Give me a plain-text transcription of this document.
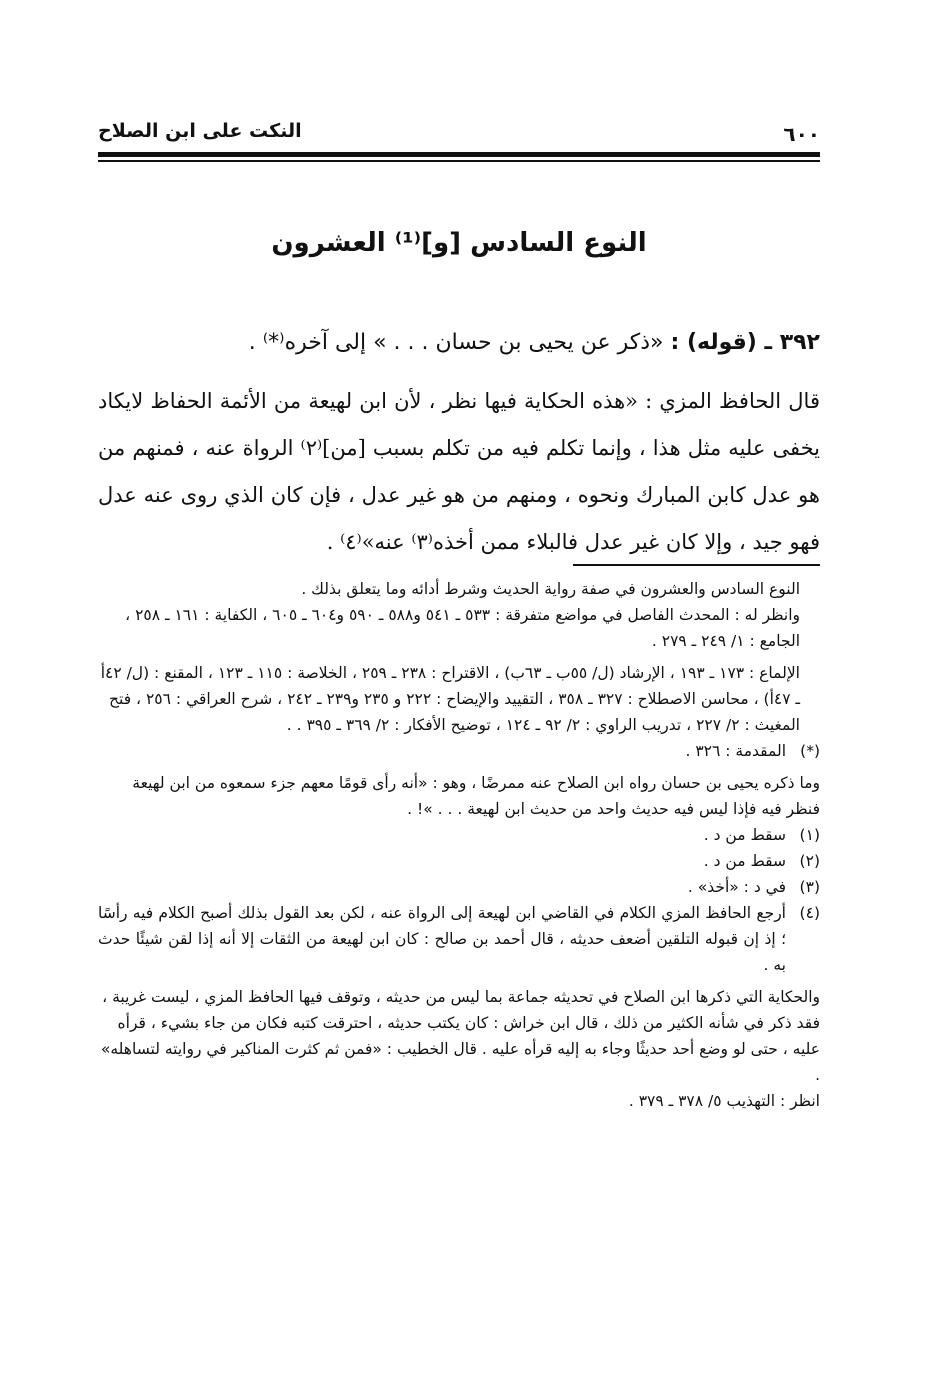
٦٠٠
النكت على ابن الصلاح
النوع السادس [و]⁽¹⁾ العشرون
٣٩٢ ـ (قوله) : «ذكر عن يحيى بن حسان . . . » إلى آخره⁽*⁾ .
قال الحافظ المزي : «هذه الحكاية فيها نظر ، لأن ابن لهيعة من الأئمة الحفاظ لايكاد يخفى عليه مثل هذا ، وإنما تكلم فيه من تكلم بسبب [من]⁽٢⁾ الرواة عنه ، فمنهم من هو عدل كابن المبارك ونحوه ، ومنهم من هو غير عدل ، فإن كان الذي روى عنه عدل فهو جيد ، وإلا كان غير عدل فالبلاء ممن أخذه⁽٣⁾ عنه»⁽٤⁾ .

النوع السادس والعشرون في صفة رواية الحديث وشرط أدائه وما يتعلق بذلك .

وانظر له : المحدث الفاصل في مواضع متفرقة : ٥٣٣ ـ ٥٤١ و٥٨٨ ـ ٥٩٠ و٦٠٤ ـ ٦٠٥ ، الكفاية : ١٦١ ـ ٢٥٨ ، الجامع : ١/ ٢٤٩ ـ ٢٧٩ .

الإلماع : ١٧٣ ـ ١٩٣ ، الإرشاد (ل/ ٥٥ب ـ ٦٣ب) ، الاقتراح : ٢٣٨ ـ ٢٥٩ ، الخلاصة : ١١٥ ـ ١٢٣ ، المقنع : (ل/ ٤٢أ ـ ٤٧أ) ، محاسن الاصطلاح : ٣٢٧ ـ ٣٥٨ ، التقييد والإيضاح : ٢٢٢ و ٢٣٥ و٢٣٩ ـ ٢٤٢ ، شرح العراقي : ٢٥٦ ، فتح المغيث : ٢/ ٢٢٧ ، تدريب الراوي : ٢/ ٩٢ ـ ١٢٤ ، توضيح الأفكار : ٢/ ٣٦٩ ـ ٣٩٥ . .

(*)
المقدمة : ٣٢٦ .

وما ذكره يحيى بن حسان رواه ابن الصلاح عنه ممرضًا ، وهو : «أنه رأى قومًا معهم جزء سمعوه من ابن لهيعة فنظر فيه فإذا ليس فيه حديث واحد من حديث ابن لهيعة . . . »! .

(١)
سقط من د .
(٢)
سقط من د .
(٣)
في د : «أخذ» .
(٤)
أرجع الحافظ المزي الكلام في القاضي ابن لهيعة إلى الرواة عنه ، لكن بعد القول بذلك أصبح الكلام فيه رأسًا ؛ إذ إن قبوله التلقين أضعف حديثه ، قال أحمد بن صالح : كان ابن لهيعة من الثقات إلا أنه إذا لقن شيئًا حدث به .

والحكاية التي ذكرها ابن الصلاح في تحديثه جماعة بما ليس من حديثه ، وتوقف فيها الحافظ المزي ، ليست غريبة ، فقد ذكر في شأنه الكثير من ذلك ، قال ابن خراش : كان يكتب حديثه ، احترقت كتبه فكان من جاء بشيء ، قرأه عليه ، حتى لو وضع أحد حديثًا وجاء به إليه قرأه عليه . قال الخطيب : «فمن ثم كثرت المناكير في روايته لتساهله» .

انظر : التهذيب ٥/ ٣٧٨ ـ ٣٧٩ .
